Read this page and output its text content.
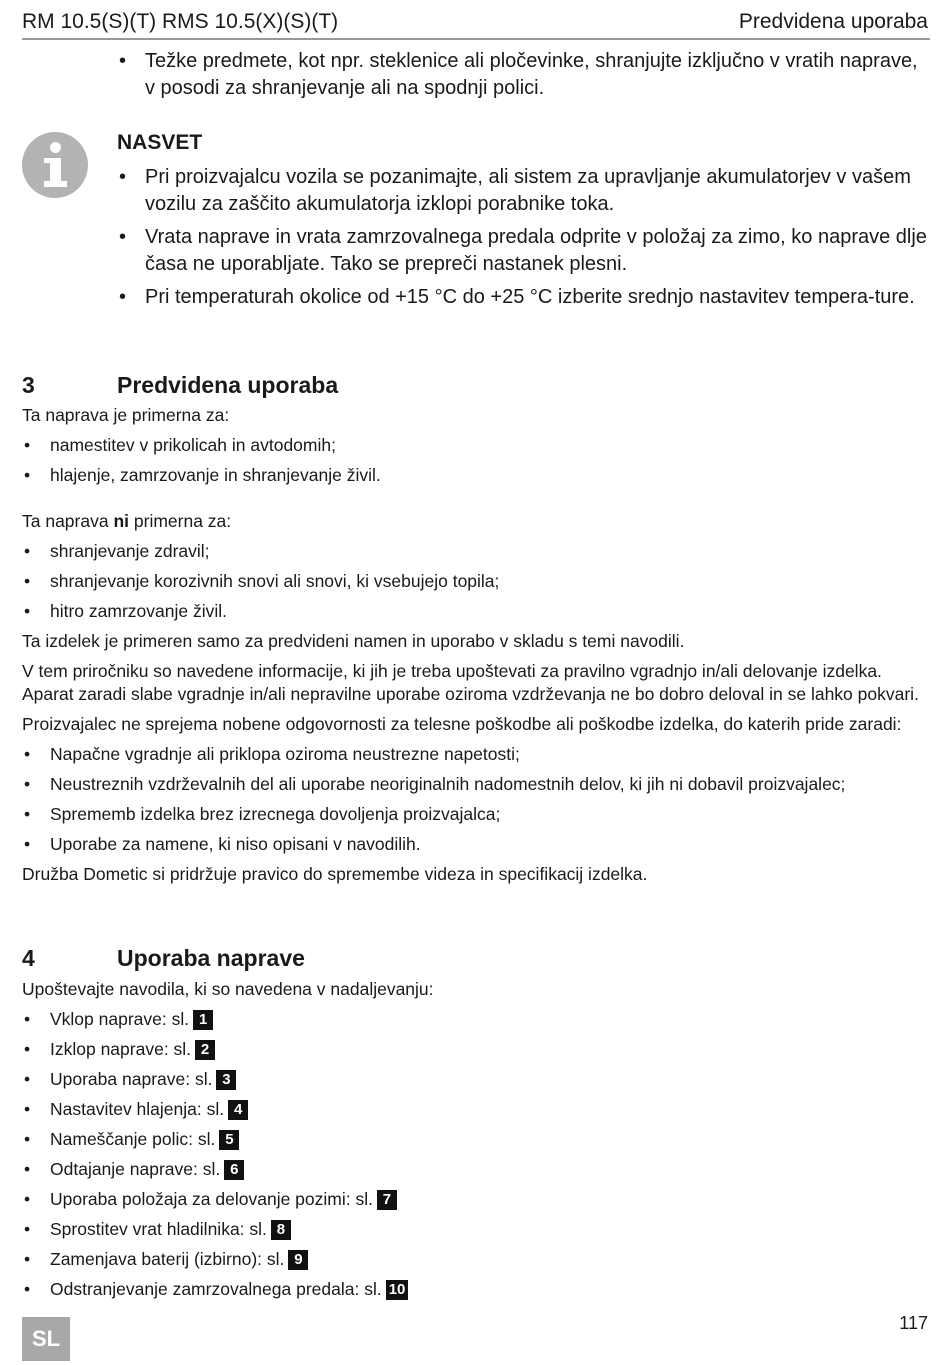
RM 10.5(S)(T) RMS 10.5(X)(S)(T)	Predvidena uporaba
• Težke predmete, kot npr. steklenice ali pločevinke, shranjujte izključno v vratih naprave, v posodi za shranjevanje ali na spodnji polici.
NASVET
• Pri proizvajalcu vozila se pozanimajte, ali sistem za upravljanje akumulatorjev v vašem vozilu za zaščito akumulatorja izklopi porabnike toka.
• Vrata naprave in vrata zamrzovalnega predala odprite v položaj za zimo, ko naprave dlje časa ne uporabljate. Tako se prepreči nastanek plesni.
• Pri temperaturah okolice od +15 °C do +25 °C izberite srednjo nastavitev tempera-ture.
3	Predvidena uporaba

Ta naprava je primerna za:

• namestitev v prikolicah in avtodomih;
• hlajenje, zamrzovanje in shranjevanje živil.

Ta naprava ni primerna za:

• shranjevanje zdravil;
• shranjevanje korozivnih snovi ali snovi, ki vsebujejo topila;
• hitro zamrzovanje živil.

Ta izdelek je primeren samo za predvideni namen in uporabo v skladu s temi navodili.

V tem priročniku so navedene informacije, ki jih je treba upoštevati za pravilno vgradnjo in/ali delovanje izdelka. Aparat zaradi slabe vgradnje in/ali nepravilne uporabe oziroma vzdrževanja ne bo dobro deloval in se lahko pokvari.

Proizvajalec ne sprejema nobene odgovornosti za telesne poškodbe ali poškodbe izdelka, do katerih pride zaradi:

• Napačne vgradnje ali priklopa oziroma neustrezne napetosti;
• Neustreznih vzdrževalnih del ali uporabe neoriginalnih nadomestnih delov, ki jih ni dobavil proizvajalec;
• Sprememb izdelka brez izrecnega dovoljenja proizvajalca;
• Uporabe za namene, ki niso opisani v navodilih.

Družba Dometic si pridržuje pravico do spremembe videza in specifikacij izdelka.

4	Uporaba naprave

Upoštevajte navodila, ki so navedena v nadaljevanju:

• Vklop naprave: sl. 1
• Izklop naprave: sl. 2
• Uporaba naprave: sl. 3
• Nastavitev hlajenja: sl. 4
• Nameščanje polic: sl. 5
• Odtajanje naprave: sl. 6
• Uporaba položaja za delovanje pozimi: sl. 7
• Sprostitev vrat hladilnika: sl. 8
• Zamenjava baterij (izbirno): sl. 9
• Odstranjevanje zamrzovalnega predala: sl. 10
SL
117
